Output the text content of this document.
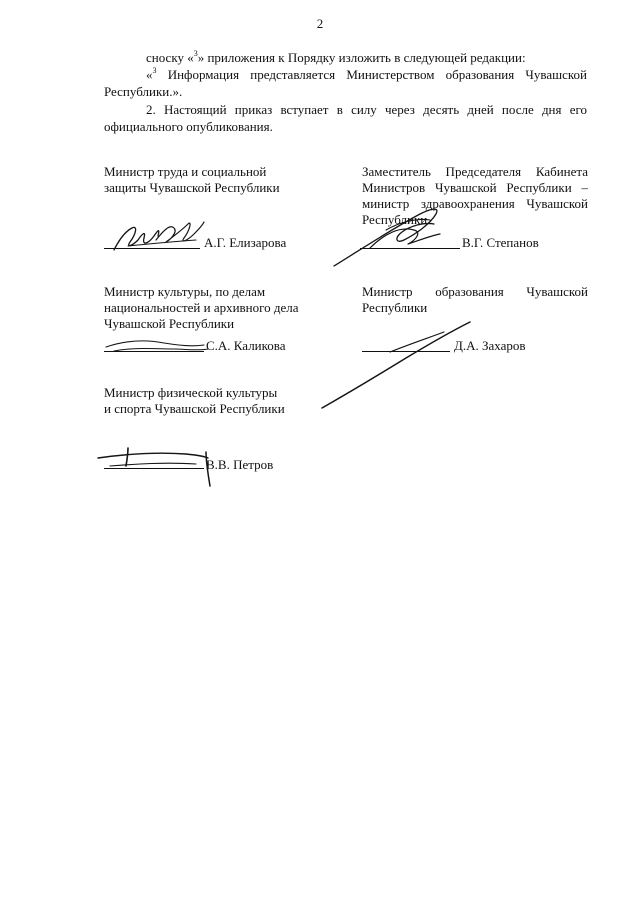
2
сноску «$^3$» приложения к Порядку изложить в следующей редакции:
«$^3$ Информация представляется Министерством образования Чувашской
Республики.».
2. Настоящий приказ вступает в силу через десять дней после дня его
официального опубликования.
Министр труда и социальной
защиты Чувашской Республики
А.Г. Елизарова
Заместитель Председателя Кабинета
Министров Чувашской Республики –
министр здравоохранения Чувашской
Республики
В.Г. Степанов
Министр культуры, по делам
национальностей и архивного дела
Чувашской Республики
С.А. Каликова
Министр образования Чувашской
Республики
Д.А. Захаров
Министр физической культуры
и спорта Чувашской Республики
В.В. Петров
